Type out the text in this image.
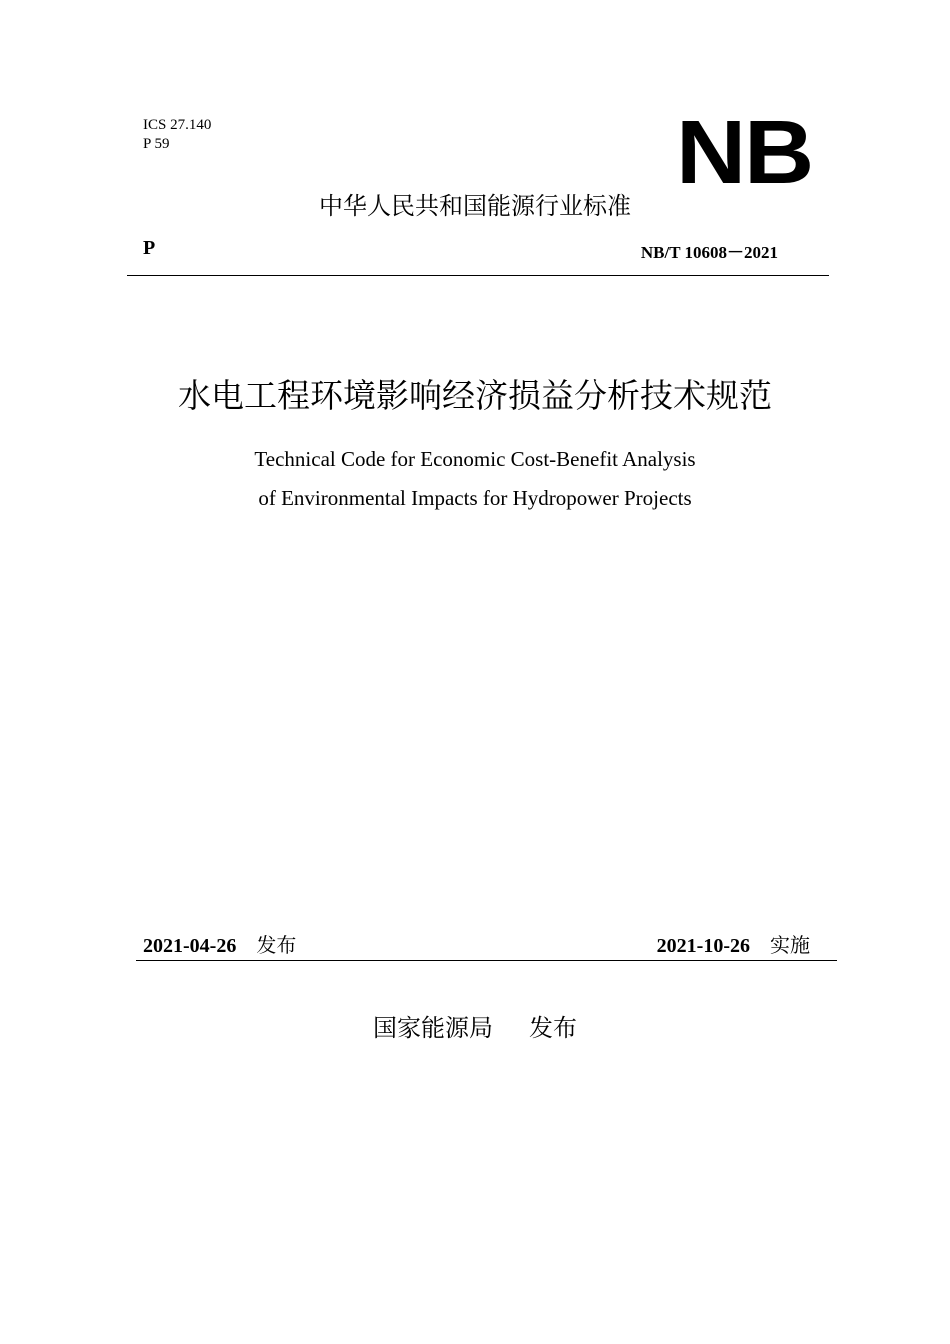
ICS 27.140
P 59	NB
中华人民共和国能源行业标准
P	NB/T 10608－2021
水电工程环境影响经济损益分析技术规范
Technical Code for Economic Cost-Benefit Analysis
of Environmental Impacts for Hydropower Projects
2021-04-26 发布	2021-10-26 实施
国家能源局 发布
